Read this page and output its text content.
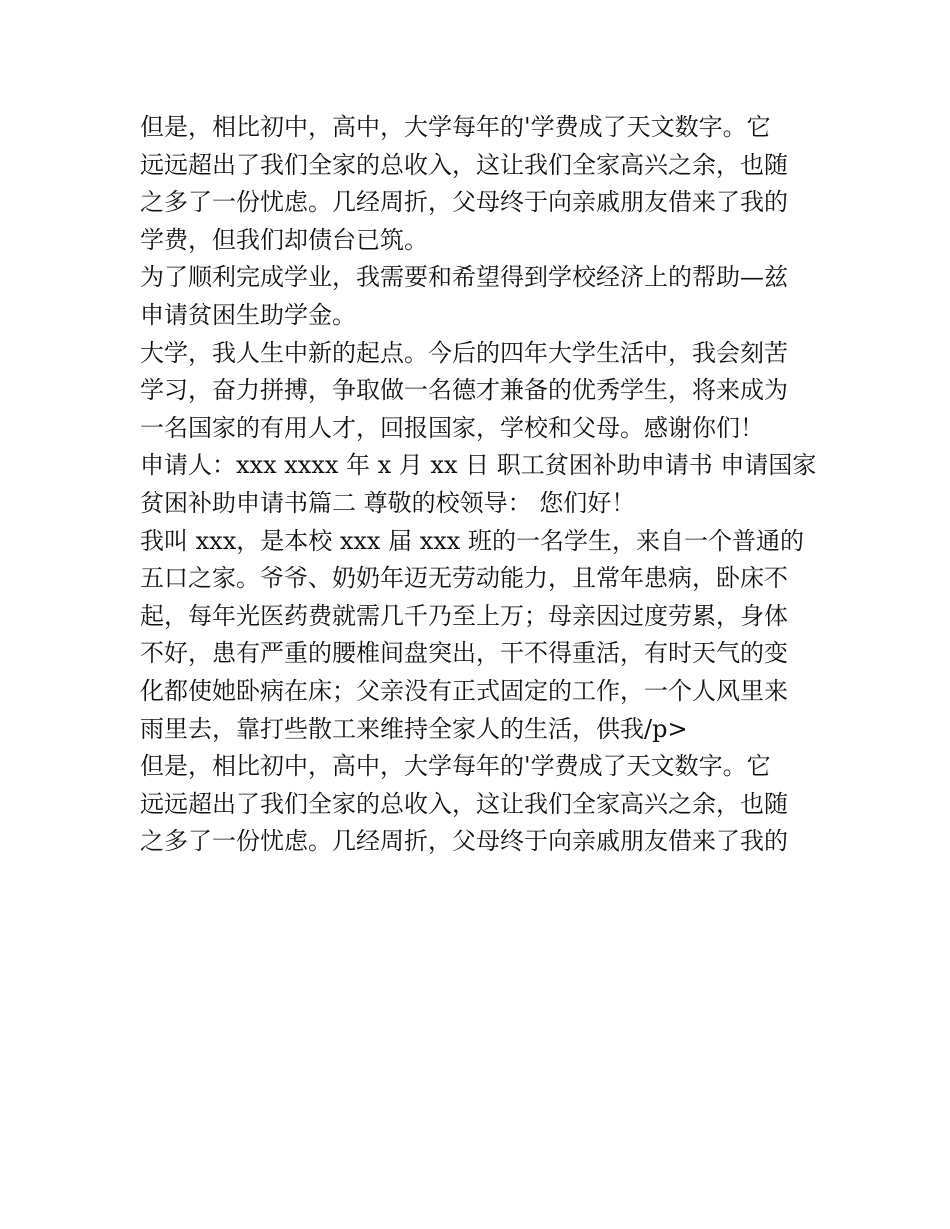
但是，相比初中，高中，大学每年的'学费成了天文数字。它
远远超出了我们全家的总收入，这让我们全家高兴之余，也随
之多了一份忧虑。几经周折，父母终于向亲戚朋友借来了我的
学费，但我们却债台已筑。
为了顺利完成学业，我需要和希望得到学校经济上的帮助—兹
申请贫困生助学金。
大学，我人生中新的起点。今后的四年大学生活中，我会刻苦
学习，奋力拼搏，争取做一名德才兼备的优秀学生，将来成为
一名国家的有用人才，回报国家，学校和父母。感谢你们！
申请人：xxx xxxx 年 x 月 xx 日 职工贫困补助申请书 申请国家
贫困补助申请书篇二 尊敬的校领导： 您们好！
我叫 xxx，是本校 xxx 届 xxx 班的一名学生，来自一个普通的
五口之家。爷爷、奶奶年迈无劳动能力，且常年患病，卧床不
起，每年光医药费就需几千乃至上万；母亲因过度劳累，身体
不好，患有严重的腰椎间盘突出，干不得重活，有时天气的变
化都使她卧病在床；父亲没有正式固定的工作，一个人风里来
雨里去，靠打些散工来维持全家人的生活，供我/p>
但是，相比初中，高中，大学每年的'学费成了天文数字。它
远远超出了我们全家的总收入，这让我们全家高兴之余，也随
之多了一份忧虑。几经周折，父母终于向亲戚朋友借来了我的
